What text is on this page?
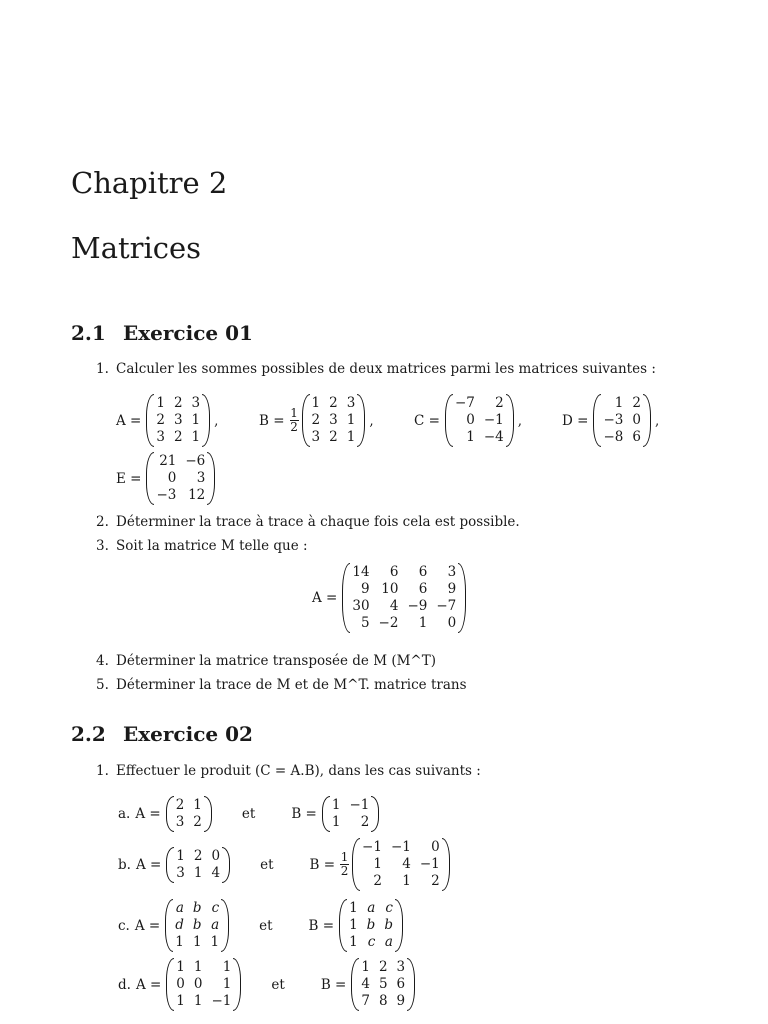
Chapitre 2
Matrices
2.1 Exercice 01
1. Calculer les sommes possibles de deux matrices parmi les matrices suivantes :
A =
1 2 3
2 3 1
3 2 1
,	$B = \frac{1}{2}$
1 2 3
2 3 1
3 2 1
,	C =
−7	2
0 −1
1 −4
,	D =
1 2
−3 0
−8 6
,
E =
21 −6
0	3
−3 12
2. Déterminer la trace à trace à chaque fois cela est possible.
3. Soit la matrice M telle que :
A =
14	6	6	3
9 10	6	9
30	4 −9 −7
5 −2	1	0
4. Déterminer la matrice transposée de M (M^T)
5. Déterminer la trace de M et de M^T. matrice trans
2.2 Exercice 02
1. Effectuer le produit (C = A.B), dans les cas suivants :
a. A =
2 1
3 2	et	B =
1 −1
1	2
b. A =
1 2 0
3 1 4	et	$B = \frac{1}{2}$
−1 −1	0
1	4 −1
2	1	2
c. A =
a b c
d b a
1 1 1
et	B =
1 a c
1 b b
1 c a
d. A =
1 1	1
0 0	1
1 1 −1
et	B =
1 2 3
4 5 6
7 8 9
